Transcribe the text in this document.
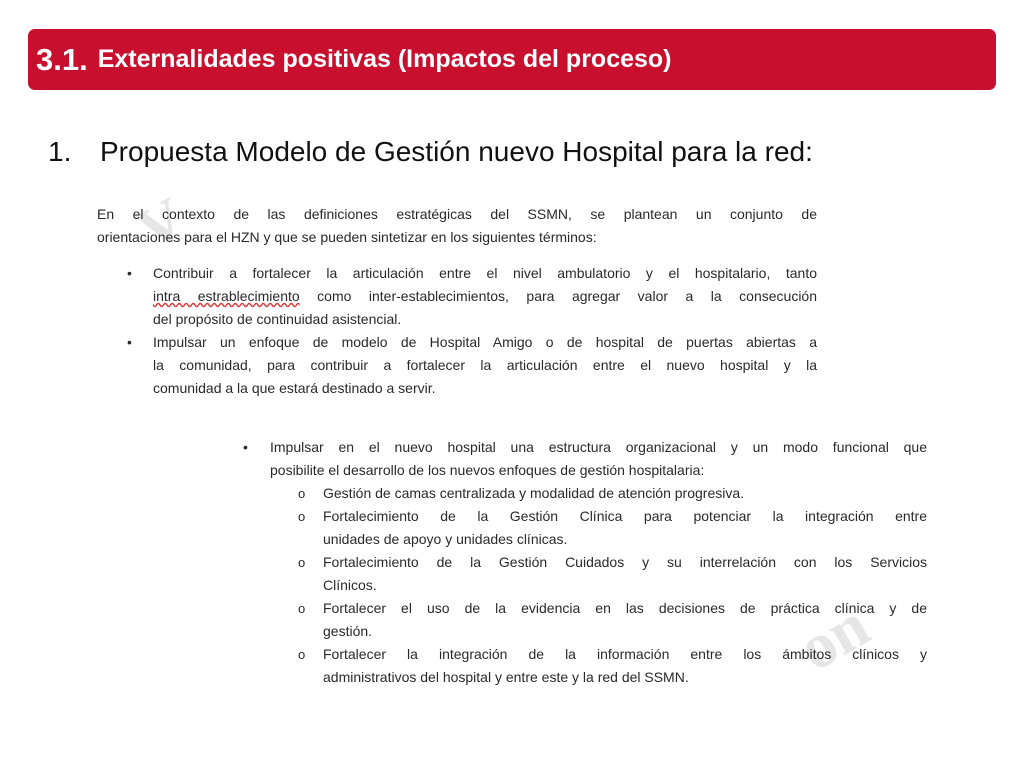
V
on
3.1. Externalidades positivas (Impactos del proceso)
1. Propuesta Modelo de Gestión nuevo Hospital para la red:
En el contexto de las definiciones estratégicas del SSMN, se plantean un conjunto de
orientaciones para el HZN y que se pueden sintetizar en los siguientes términos:
• Contribuir a fortalecer la articulación entre el nivel ambulatorio y el hospitalario, tanto
intra estrablecimiento como inter-establecimientos, para agregar valor a la consecución
del propósito de continuidad asistencial.
• Impulsar un enfoque de modelo de Hospital Amigo o de hospital de puertas abiertas a
la comunidad, para contribuir a fortalecer la articulación entre el nuevo hospital y la
comunidad a la que estará destinado a servir.
• Impulsar en el nuevo hospital una estructura organizacional y un modo funcional que
posibilite el desarrollo de los nuevos enfoques de gestión hospitalaria:
o Gestión de camas centralizada y modalidad de atención progresiva.
o Fortalecimiento de la Gestión Clínica para potenciar la integración entre
unidades de apoyo y unidades clínicas.
o Fortalecimiento de la Gestión Cuidados y su interrelación con los Servicios
Clínicos.
o Fortalecer el uso de la evidencia en las decisiones de práctica clínica y de
gestión.
o Fortalecer la integración de la información entre los ámbitos clínicos y
administrativos del hospital y entre este y la red del SSMN.
